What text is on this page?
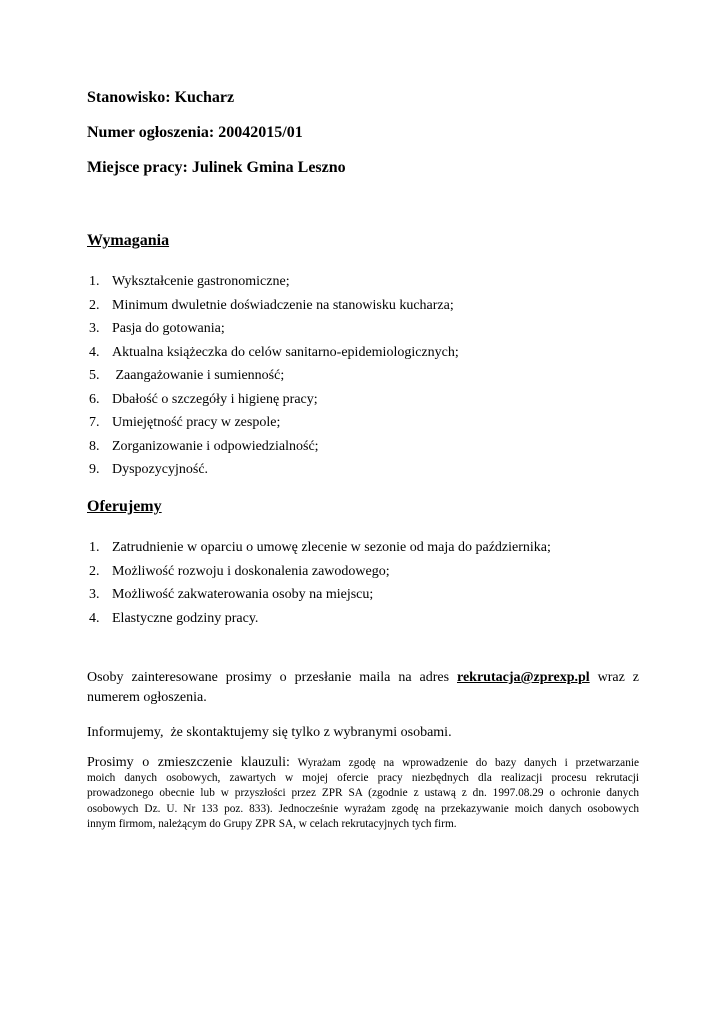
Stanowisko: Kucharz
Numer ogłoszenia: 20042015/01
Miejsce pracy: Julinek Gmina Leszno
Wymagania
1. Wykształcenie gastronomiczne;
2. Minimum dwuletnie doświadczenie na stanowisku kucharza;
3. Pasja do gotowania;
4. Aktualna książeczka do celów sanitarno-epidemiologicznych;
5. Zaangażowanie i sumienność;
6. Dbałość o szczegóły i higienę pracy;
7. Umiejętność pracy w zespole;
8. Zorganizowanie i odpowiedzialność;
9. Dyspozycyjność.
Oferujemy
1. Zatrudnienie w oparciu o umowę zlecenie w sezonie od maja do października;
2. Możliwość rozwoju i doskonalenia zawodowego;
3. Możliwość zakwaterowania osoby na miejscu;
4. Elastyczne godziny pracy.
Osoby zainteresowane prosimy o przesłanie maila na adres rekrutacja@zprexp.pl wraz z
numerem ogłoszenia.
Informujemy,  że skontaktujemy się tylko z wybranymi osobami.
Prosimy o zmieszczenie klauzuli: Wyrażam zgodę na wprowadzenie do bazy danych i przetwarzanie
moich danych osobowych, zawartych w mojej ofercie pracy niezbędnych dla realizacji procesu rekrutacji
prowadzonego obecnie lub w przyszłości przez ZPR SA (zgodnie z ustawą z dn. 1997.08.29 o ochronie danych
osobowych Dz. U. Nr 133 poz. 833). Jednocześnie wyrażam zgodę na przekazywanie moich danych osobowych
innym firmom, należącym do Grupy ZPR SA, w celach rekrutacyjnych tych firm.
